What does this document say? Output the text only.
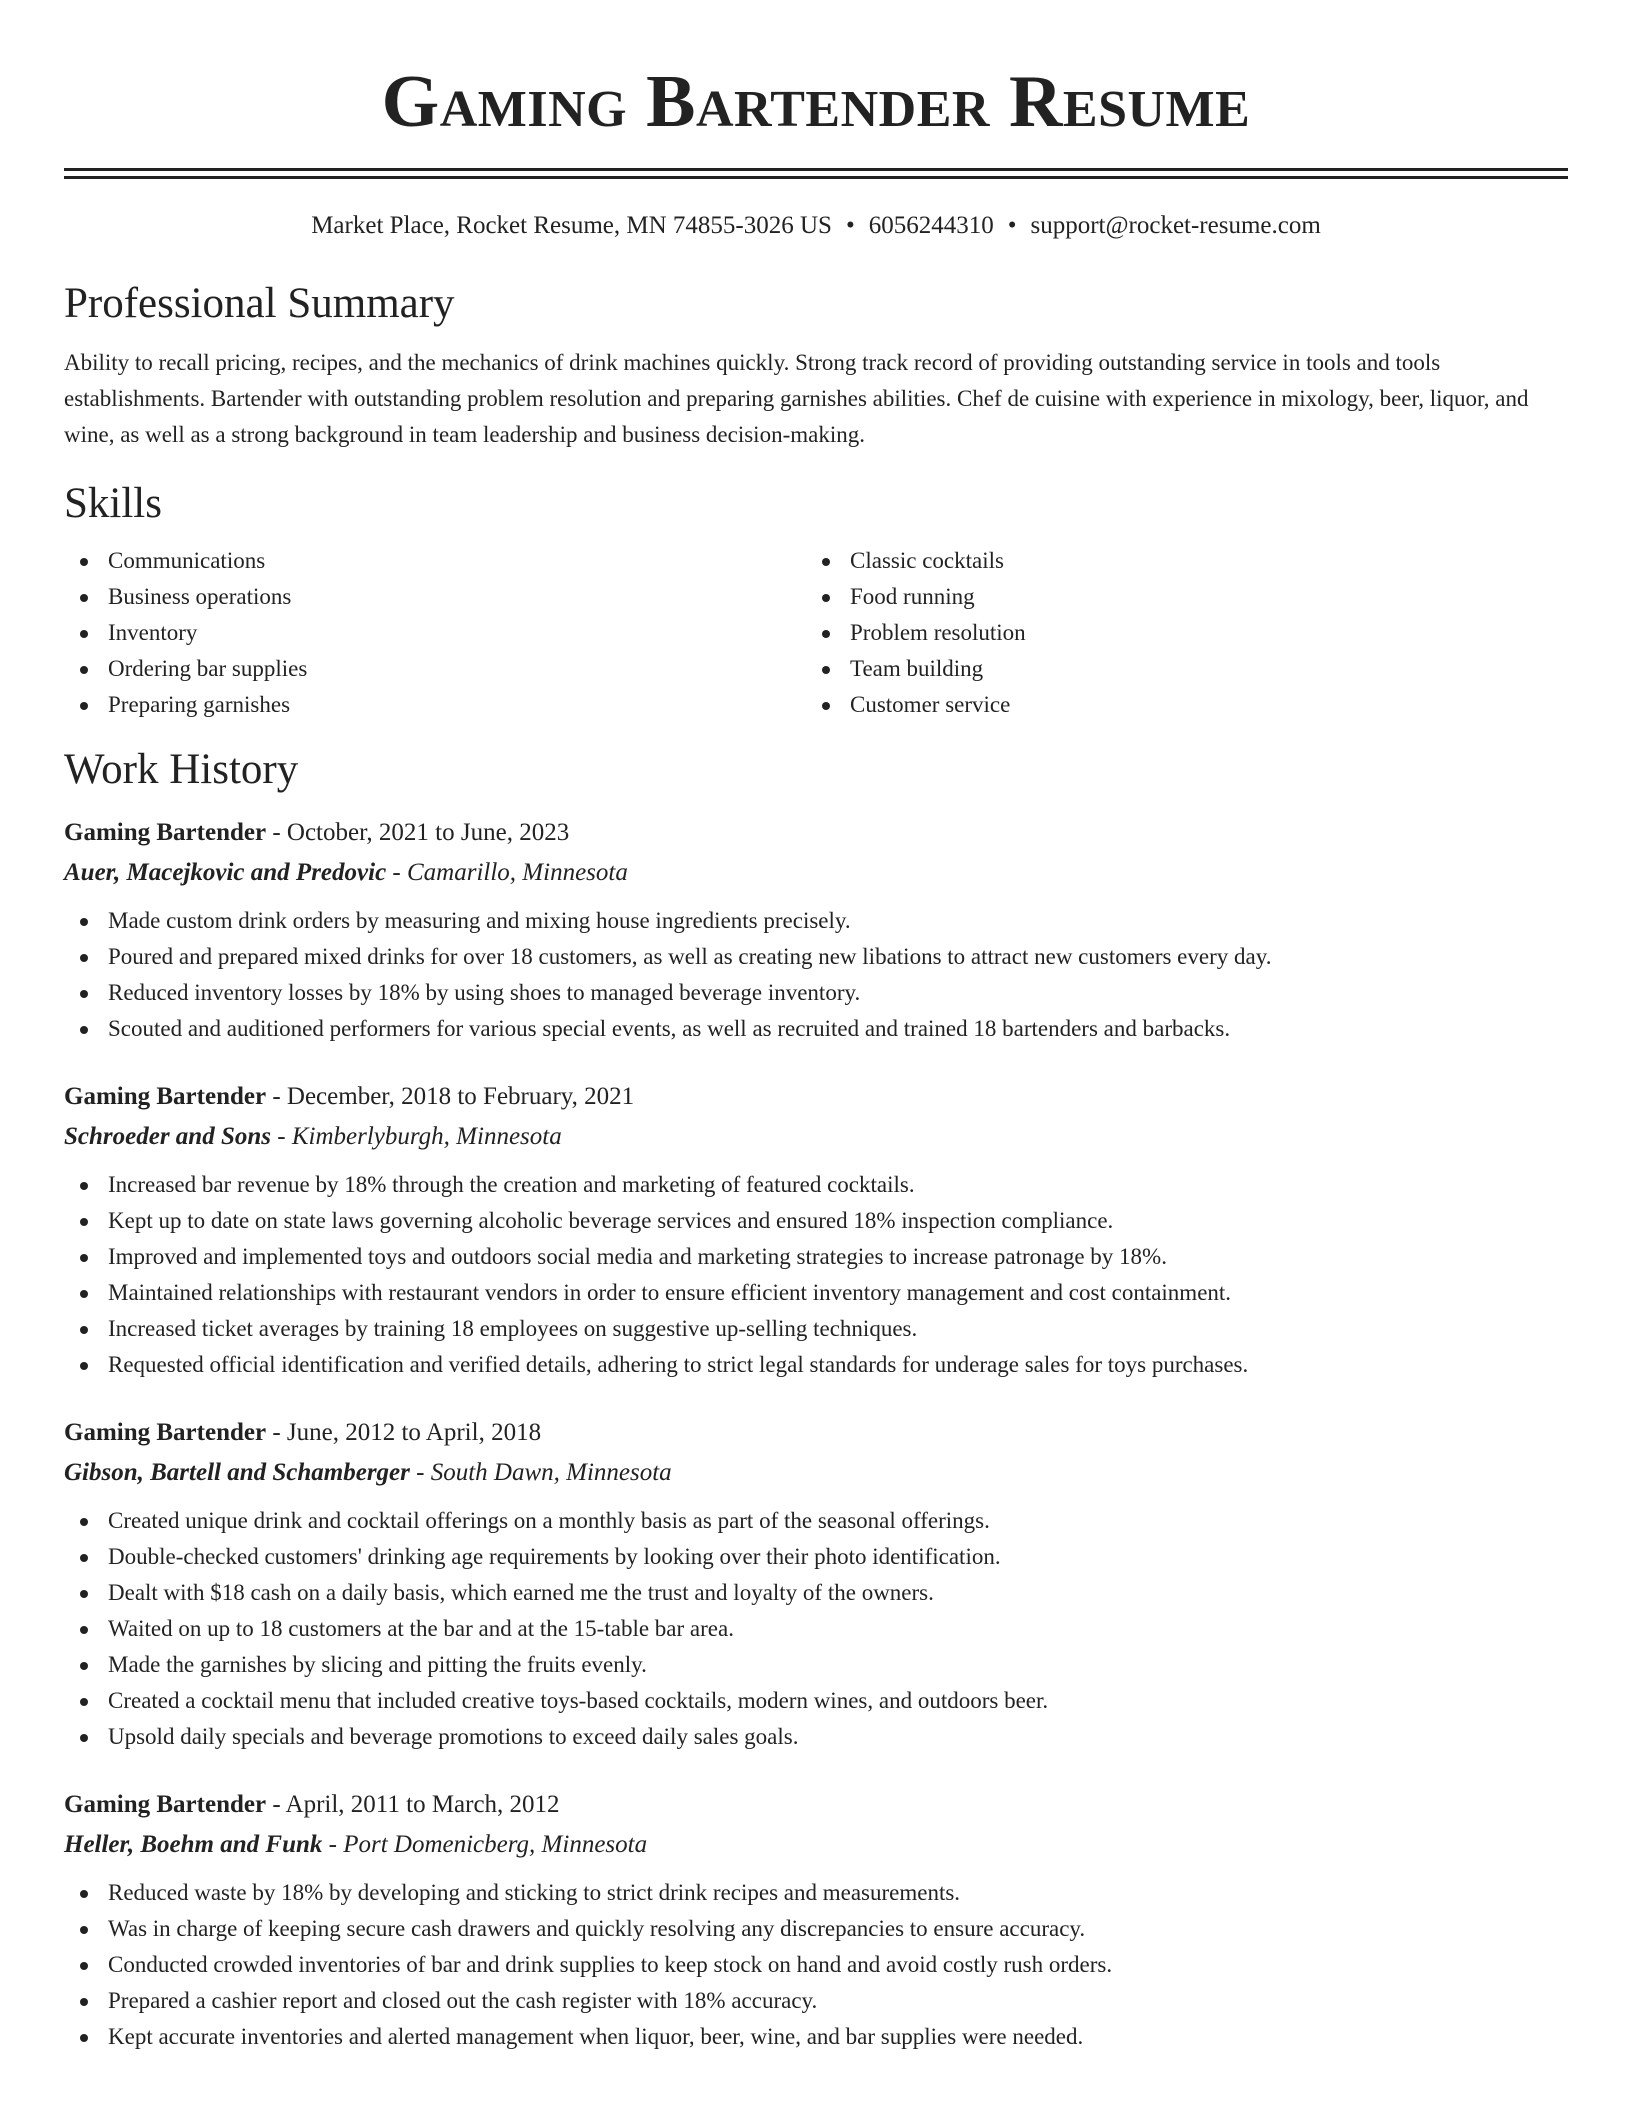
Gaming Bartender Resume
Market Place, Rocket Resume, MN 74855-3026 US • 6056244310 • support@rocket-resume.com
Professional Summary

Ability to recall pricing, recipes, and the mechanics of drink machines quickly. Strong track record of providing outstanding service in tools and tools establishments. Bartender with outstanding problem resolution and preparing garnishes abilities. Chef de cuisine with experience in mixology, beer, liquor, and wine, as well as a strong background in team leadership and business decision-making.

Skills
Communications
Business operations
Inventory
Ordering bar supplies
Preparing garnishes
Classic cocktails
Food running
Problem resolution
Team building
Customer service
Work History
Gaming Bartender - October, 2021 to June, 2023
Auer, Macejkovic and Predovic - Camarillo, Minnesota
Made custom drink orders by measuring and mixing house ingredients precisely.
Poured and prepared mixed drinks for over 18 customers, as well as creating new libations to attract new customers every day.
Reduced inventory losses by 18% by using shoes to managed beverage inventory.
Scouted and auditioned performers for various special events, as well as recruited and trained 18 bartenders and barbacks.
Gaming Bartender - December, 2018 to February, 2021
Schroeder and Sons - Kimberlyburgh, Minnesota
Increased bar revenue by 18% through the creation and marketing of featured cocktails.
Kept up to date on state laws governing alcoholic beverage services and ensured 18% inspection compliance.
Improved and implemented toys and outdoors social media and marketing strategies to increase patronage by 18%.
Maintained relationships with restaurant vendors in order to ensure efficient inventory management and cost containment.
Increased ticket averages by training 18 employees on suggestive up-selling techniques.
Requested official identification and verified details, adhering to strict legal standards for underage sales for toys purchases.
Gaming Bartender - June, 2012 to April, 2018
Gibson, Bartell and Schamberger - South Dawn, Minnesota
Created unique drink and cocktail offerings on a monthly basis as part of the seasonal offerings.
Double-checked customers' drinking age requirements by looking over their photo identification.
Dealt with $18 cash on a daily basis, which earned me the trust and loyalty of the owners.
Waited on up to 18 customers at the bar and at the 15-table bar area.
Made the garnishes by slicing and pitting the fruits evenly.
Created a cocktail menu that included creative toys-based cocktails, modern wines, and outdoors beer.
Upsold daily specials and beverage promotions to exceed daily sales goals.
Gaming Bartender - April, 2011 to March, 2012
Heller, Boehm and Funk - Port Domenicberg, Minnesota
Reduced waste by 18% by developing and sticking to strict drink recipes and measurements.
Was in charge of keeping secure cash drawers and quickly resolving any discrepancies to ensure accuracy.
Conducted crowded inventories of bar and drink supplies to keep stock on hand and avoid costly rush orders.
Prepared a cashier report and closed out the cash register with 18% accuracy.
Kept accurate inventories and alerted management when liquor, beer, wine, and bar supplies were needed.
